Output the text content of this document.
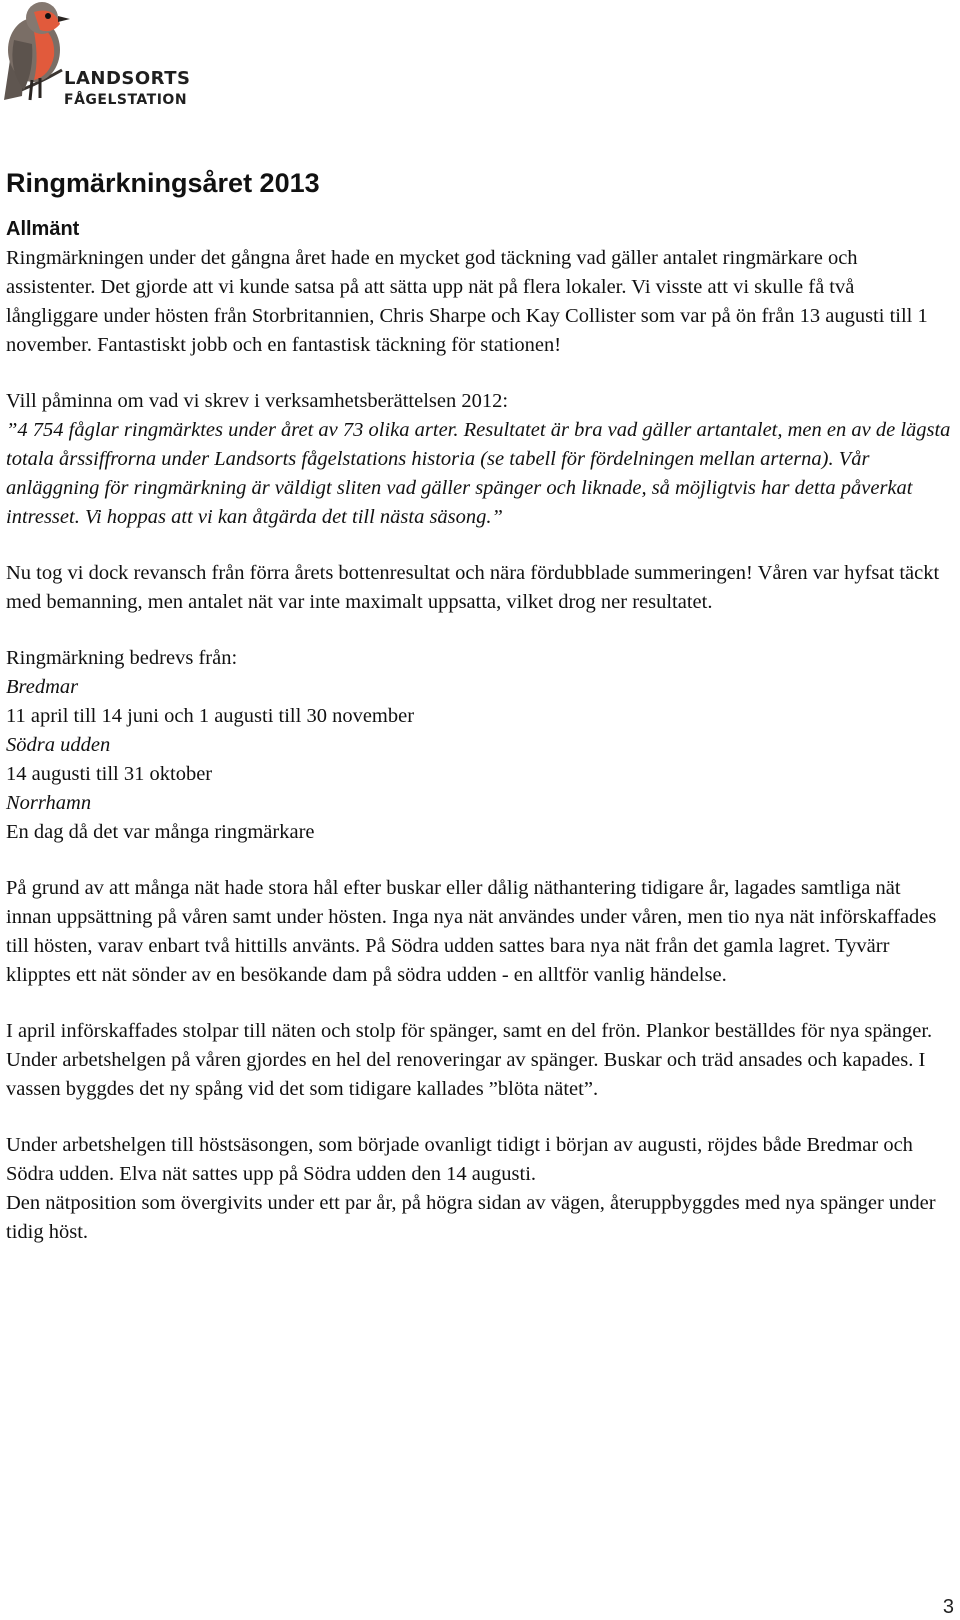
LANDSORTS
FÅGELSTATION
Ringmärkningsåret 2013
Allmänt

Ringmärkningen under det gångna året hade en mycket god täckning vad gäller antalet ringmärkare och assistenter. Det gjorde att vi kunde satsa på att sätta upp nät på flera lokaler. Vi visste att vi skulle få två långliggare under hösten från Storbritannien, Chris Sharpe och Kay Collister som var på ön från 13 augusti till 1 november. Fantastiskt jobb och en fantastisk täckning för stationen!

Vill påminna om vad vi skrev i verksamhetsberättelsen 2012:
”4 754 fåglar ringmärktes under året av 73 olika arter. Resultatet är bra vad gäller artantalet, men en av de lägsta totala årssiffrorna under Landsorts fågelstations historia (se tabell för fördelningen mellan arterna). Vår anläggning för ringmärkning är väldigt sliten vad gäller spänger och liknade, så möjligtvis har detta påverkat intresset. Vi hoppas att vi kan åtgärda det till nästa säsong.”

Nu tog vi dock revansch från förra årets bottenresultat och nära fördubblade summeringen! Våren var hyfsat täckt med bemanning, men antalet nät var inte maximalt uppsatta, vilket drog ner resultatet.

Ringmärkning bedrevs från:
Bredmar
11 april till 14 juni och 1 augusti till 30 november
Södra udden
14 augusti till 31 oktober
Norrhamn
En dag då det var många ringmärkare

På grund av att många nät hade stora hål efter buskar eller dålig näthantering tidigare år, lagades samtliga nät innan uppsättning på våren samt under hösten. Inga nya nät användes under våren, men tio nya nät införskaffades till hösten, varav enbart två hittills använts. På Södra udden sattes bara nya nät från det gamla lagret. Tyvärr klipptes ett nät sönder av en besökande dam på södra udden - en alltför vanlig händelse.

I april införskaffades stolpar till näten och stolp för spänger, samt en del frön. Plankor beställdes för nya spänger. Under arbetshelgen på våren gjordes en hel del renoveringar av spänger. Buskar och träd ansades och kapades. I vassen byggdes det ny spång vid det som tidigare kallades ”blöta nätet”.

Under arbetshelgen till höstsäsongen, som började ovanligt tidigt i början av augusti, röjdes både Bredmar och Södra udden. Elva nät sattes upp på Södra udden den 14 augusti.

Den nätposition som övergivits under ett par år, på högra sidan av vägen, återuppbyggdes med nya spänger under tidig höst.

3
